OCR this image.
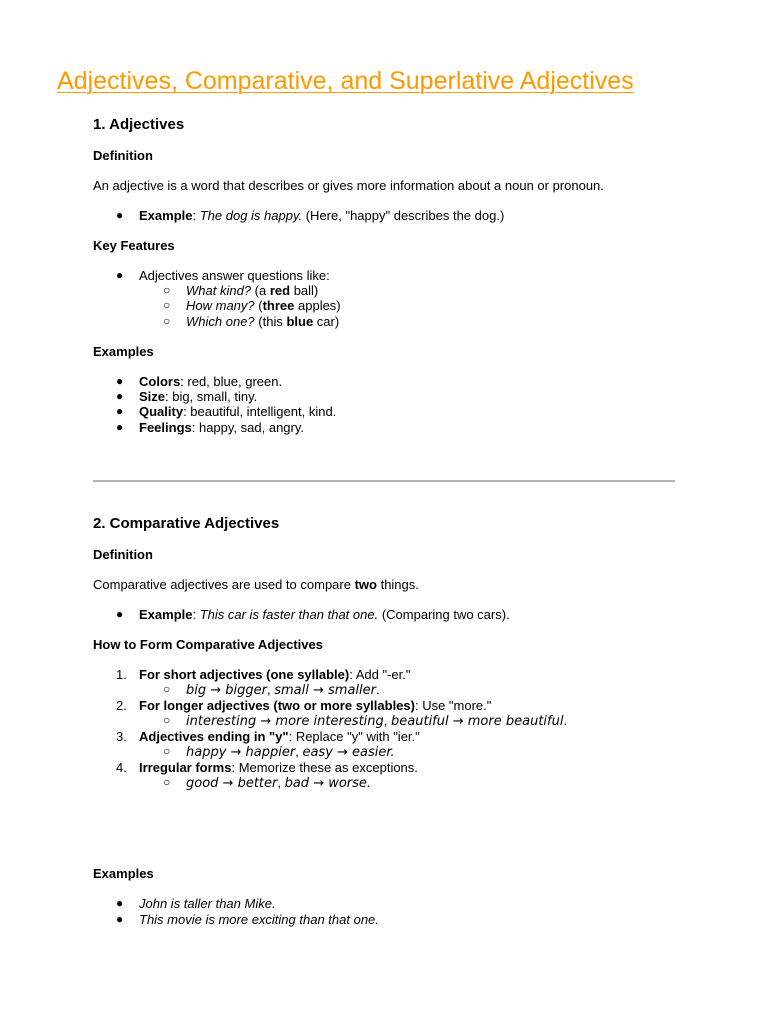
Adjectives, Comparative, and Superlative Adjectives
1. Adjectives
Definition
An adjective is a word that describes or gives more information about a noun or pronoun.
● Example: The dog is happy. (Here, "happy" describes the dog.)
Key Features
● Adjectives answer questions like:
○ What kind? (a red ball)
○ How many? (three apples)
○ Which one? (this blue car)
Examples
● Colors: red, blue, green.
● Size: big, small, tiny.
● Quality: beautiful, intelligent, kind.
● Feelings: happy, sad, angry.
2. Comparative Adjectives
Definition
Comparative adjectives are used to compare two things.
● Example: This car is faster than that one. (Comparing two cars).
How to Form Comparative Adjectives
1. For short adjectives (one syllable): Add "-er."
○ big → bigger, small → smaller.
2. For longer adjectives (two or more syllables): Use "more."
○ interesting → more interesting, beautiful → more beautiful.
3. Adjectives ending in "y": Replace "y" with "ier."
○ happy → happier, easy → easier.
4. Irregular forms: Memorize these as exceptions.
○ good → better, bad → worse.
Examples
● John is taller than Mike.
● This movie is more exciting than that one.
